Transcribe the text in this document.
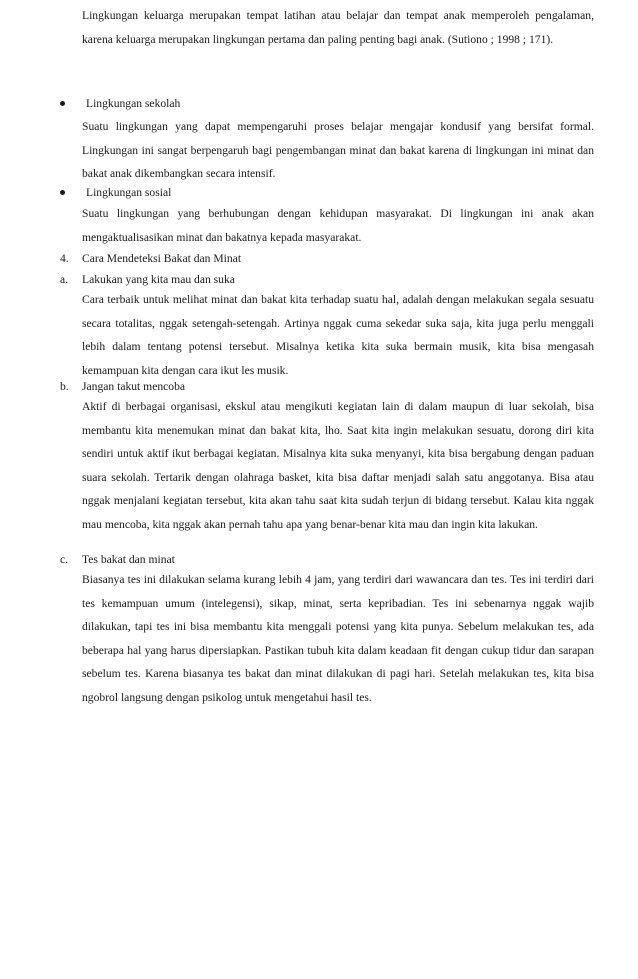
Lingkungan keluarga merupakan tempat latihan atau belajar dan tempat anak memperoleh pengalaman, karena keluarga merupakan lingkungan pertama dan paling penting bagi anak. (Sutiono ; 1998 ; 171).

Lingkungan sekolah

Suatu lingkungan yang dapat mempengaruhi proses belajar mengajar kondusif yang bersifat formal. Lingkungan ini sangat berpengaruh bagi pengembangan minat dan bakat karena di lingkungan ini minat dan bakat anak dikembangkan secara intensif.

Lingkungan sosial

Suatu lingkungan yang berhubungan dengan kehidupan masyarakat. Di lingkungan ini anak akan mengaktualisasikan minat dan bakatnya kepada masyarakat.

4. Cara Mendeteksi Bakat dan Minat
a. Lakukan yang kita mau dan suka

Cara terbaik untuk melihat minat dan bakat kita terhadap suatu hal, adalah dengan melakukan segala sesuatu secara totalitas, nggak setengah-setengah. Artinya nggak cuma sekedar suka saja, kita juga perlu menggali lebih dalam tentang potensi tersebut. Misalnya ketika kita suka bermain musik, kita bisa mengasah kemampuan kita dengan cara ikut les musik.

b. Jangan takut mencoba

Aktif di berbagai organisasi, ekskul atau mengikuti kegiatan lain di dalam maupun di luar sekolah, bisa membantu kita menemukan minat dan bakat kita, lho. Saat kita ingin melakukan sesuatu, dorong diri kita sendiri untuk aktif ikut berbagai kegiatan. Misalnya kita suka menyanyi, kita bisa bergabung dengan paduan suara sekolah. Tertarik dengan olahraga basket, kita bisa daftar menjadi salah satu anggotanya. Bisa atau nggak menjalani kegiatan tersebut, kita akan tahu saat kita sudah terjun di bidang tersebut. Kalau kita nggak mau mencoba, kita nggak akan pernah tahu apa yang benar-benar kita mau dan ingin kita lakukan.

c. Tes bakat dan minat

Biasanya tes ini dilakukan selama kurang lebih 4 jam, yang terdiri dari wawancara dan tes. Tes ini terdiri dari tes kemampuan umum (intelegensi), sikap, minat, serta kepribadian. Tes ini sebenarnya nggak wajib dilakukan, tapi tes ini bisa membantu kita menggali potensi yang kita punya. Sebelum melakukan tes, ada beberapa hal yang harus dipersiapkan. Pastikan tubuh kita dalam keadaan fit dengan cukup tidur dan sarapan sebelum tes. Karena biasanya tes bakat dan minat dilakukan di pagi hari. Setelah melakukan tes, kita bisa ngobrol langsung dengan psikolog untuk mengetahui hasil tes.
